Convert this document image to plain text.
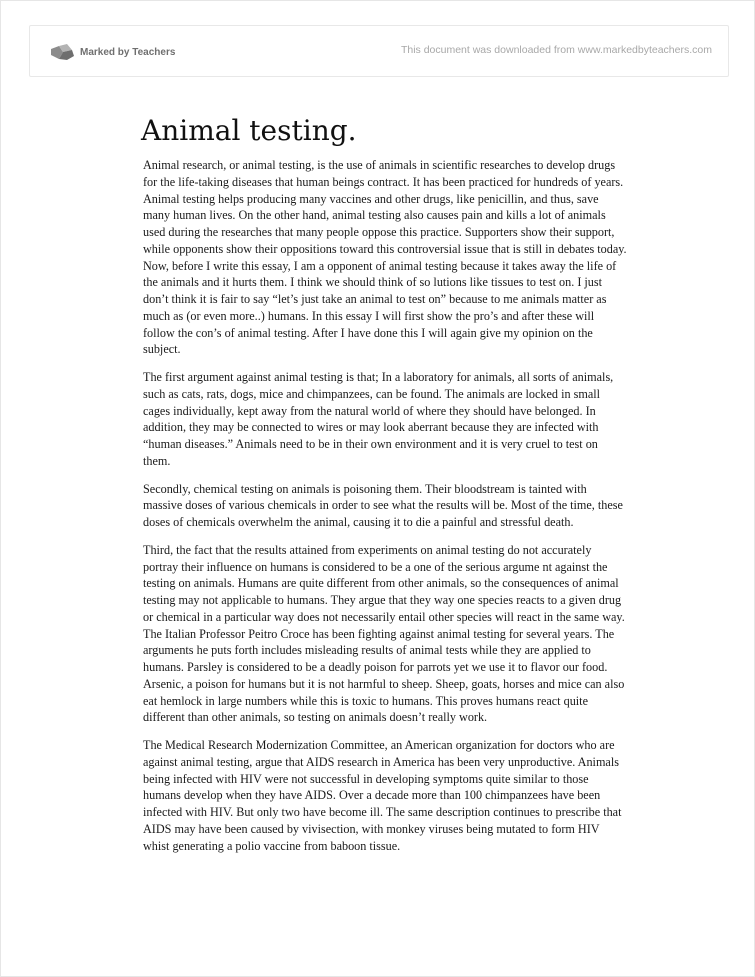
Marked by Teachers	This document was downloaded from www.markedbyteachers.com
Animal testing.

Animal research, or animal testing, is the use of animals in scientific researches to develop drugs for the life-taking diseases that human beings contract. It has been practiced for hundreds of years. Animal testing helps producing many vaccines and other drugs, like penicillin, and thus, save many human lives. On the other hand, animal testing also causes pain and kills a lot of animals used during the researches that many people oppose this practice. Supporters show their support, while opponents show their oppositions toward this controversial issue that is still in debates today. Now, before I write this essay, I am a opponent of animal testing because it takes away the life of the animals and it hurts them. I think we should think of so lutions like tissues to test on. I just don’t think it is fair to say “let’s just take an animal to test on” because to me animals matter as much as (or even more..) humans. In this essay I will first show the pro’s and after these will follow the con’s of animal testing. After I have done this I will again give my opinion on the subject.

The first argument against animal testing is that; In a laboratory for animals, all sorts of animals, such as cats, rats, dogs, mice and chimpanzees, can be found. The animals are locked in small cages individually, kept away from the natural world of where they should have belonged. In addition, they may be connected to wires or may look aberrant because they are infected with “human diseases.” Animals need to be in their own environment and it is very cruel to test on them.

Secondly, chemical testing on animals is poisoning them. Their bloodstream is tainted with massive doses of various chemicals in order to see what the results will be. Most of the time, these doses of chemicals overwhelm the animal, causing it to die a painful and stressful death.

Third, the fact that the results attained from experiments on animal testing do not accurately portray their influence on humans is considered to be a one of the serious argume nt against the testing on animals. Humans are quite different from other animals, so the consequences of animal testing may not applicable to humans. They argue that they way one species reacts to a given drug or chemical in a particular way does not necessarily entail other species will react in the same way. The Italian Professor Peitro Croce has been fighting against animal testing for several years. The arguments he puts forth includes misleading results of animal tests while they are applied to humans. Parsley is considered to be a deadly poison for parrots yet we use it to flavor our food. Arsenic, a poison for humans but it is not harmful to sheep. Sheep, goats, horses and mice can also eat hemlock in large numbers while this is toxic to humans. This proves humans react quite different than other animals, so testing on animals doesn’t really work.

The Medical Research Modernization Committee, an American organization for doctors who are against animal testing, argue that AIDS research in America has been very unproductive. Animals being infected with HIV were not successful in developing symptoms quite similar to those humans develop when they have AIDS. Over a decade more than 100 chimpanzees have been infected with HIV. But only two have become ill. The same description continues to prescribe that AIDS may have been caused by vivisection, with monkey viruses being mutated to form HIV whist generating a polio vaccine from baboon tissue.
